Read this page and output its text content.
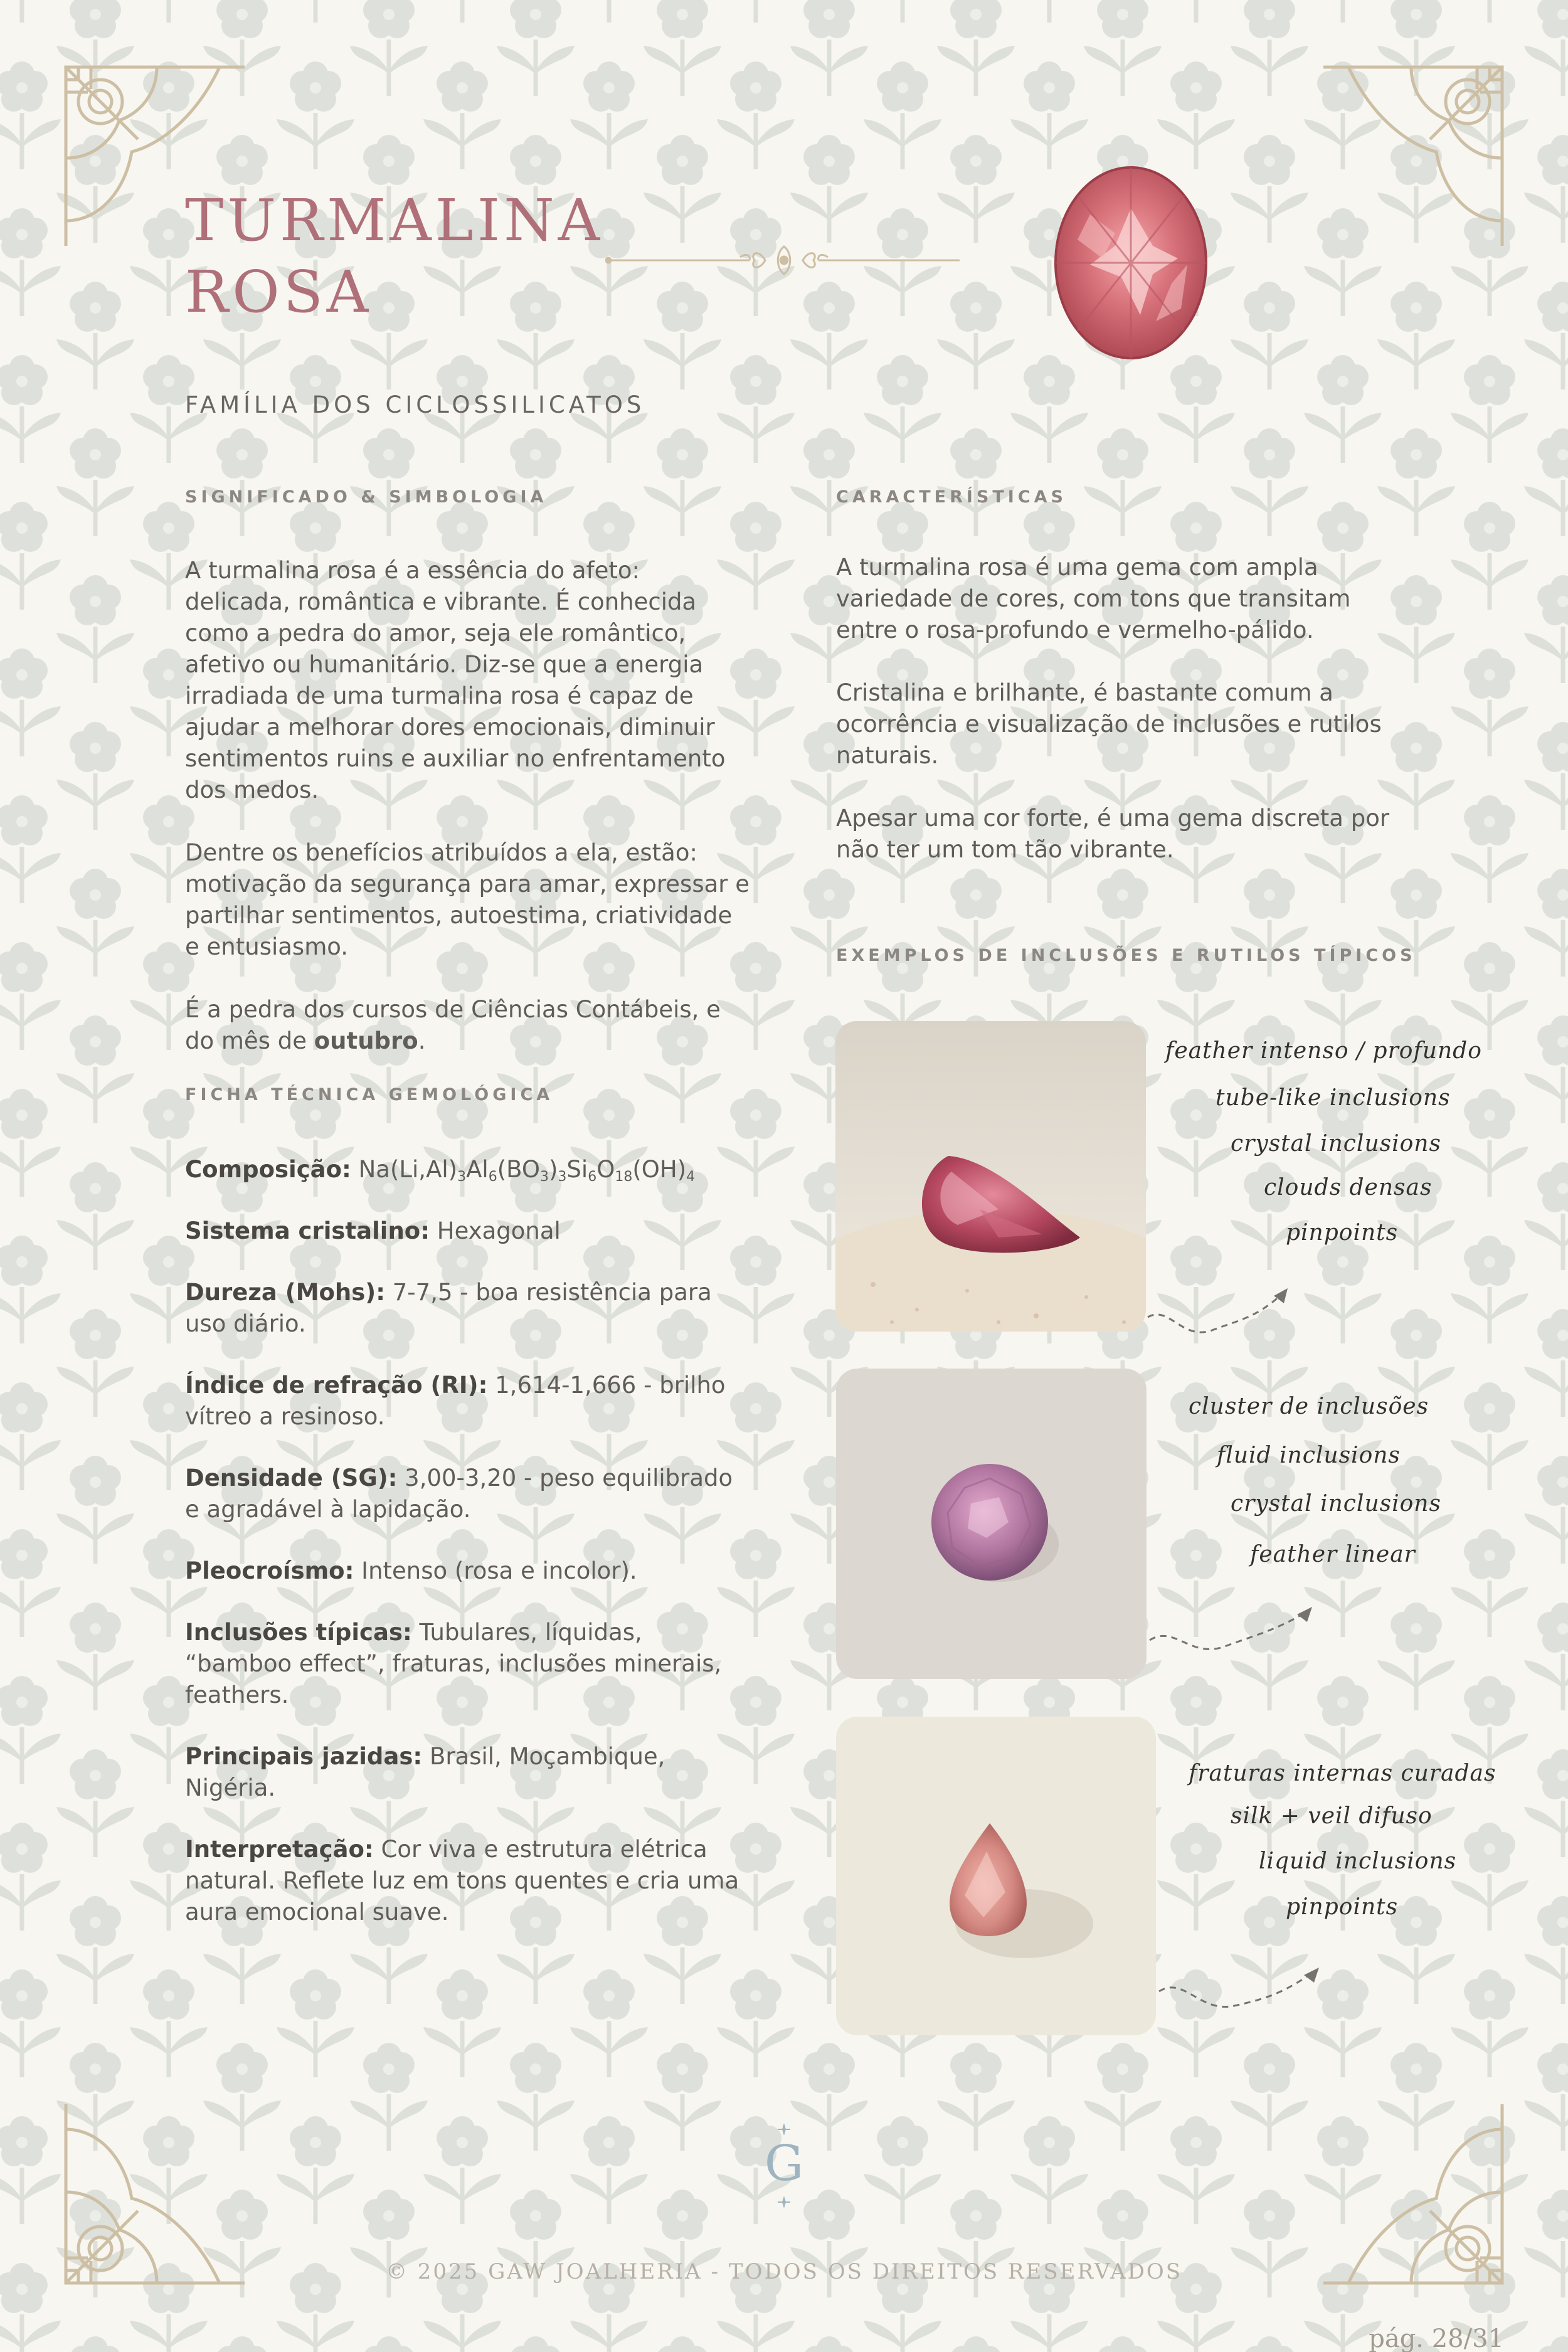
TURMALINA
ROSA
FAMÍLIA DOS CICLOSSILICATOS
SIGNIFICADO & SIMBOLOGIA

A turmalina rosa é a essência do afeto: delicada, romântica e vibrante. É conhecida como a pedra do amor, seja ele romântico, afetivo ou humanitário. Diz-se que a energia irradiada de uma turmalina rosa é capaz de ajudar a melhorar dores emocionais, diminuir sentimentos ruins e auxiliar no enfrentamento dos medos.

Dentre os benefícios atribuídos a ela, estão: motivação da segurança para amar, expressar e partilhar sentimentos, autoestima, criatividade e entusiasmo.

É a pedra dos cursos de Ciências Contábeis, e do mês de outubro.

FICHA TÉCNICA GEMOLÓGICA
Composição: $Na(Li,Al)_3Al_6(BO_3)_3Si_6O_{18}(OH)_4$
Sistema cristalino: Hexagonal
Dureza (Mohs): 7-7,5 - boa resistência para uso diário.
Índice de refração (RI): 1,614-1,666 - brilho vítreo a resinoso.
Densidade (SG): 3,00-3,20 - peso equilibrado e agradável à lapidação.
Pleocroísmo: Intenso (rosa e incolor).
Inclusões típicas: Tubulares, líquidas, “bamboo effect”, fraturas, inclusões minerais, feathers.
Principais jazidas: Brasil, Moçambique, Nigéria.
Interpretação: Cor viva e estrutura elétrica natural. Reflete luz em tons quentes e cria uma aura emocional suave.
CARACTERÍSTICAS

A turmalina rosa é uma gema com ampla variedade de cores, com tons que transitam entre o rosa-profundo e vermelho-pálido.

Cristalina e brilhante, é bastante comum a ocorrência e visualização de inclusões e rutilos naturais.

Apesar uma cor forte, é uma gema discreta por não ter um tom tão vibrante.

EXEMPLOS DE INCLUSÕES E RUTILOS TÍPICOS
feather intenso / profundo
tube-like inclusions
crystal inclusions
clouds densas
pinpoints
cluster de inclusões
fluid inclusions
crystal inclusions
feather linear
fraturas internas curadas
silk + veil difuso
liquid inclusions
pinpoints
G
© 2025 GAW JOALHERIA - TODOS OS DIREITOS RESERVADOS
pág. 28/31
